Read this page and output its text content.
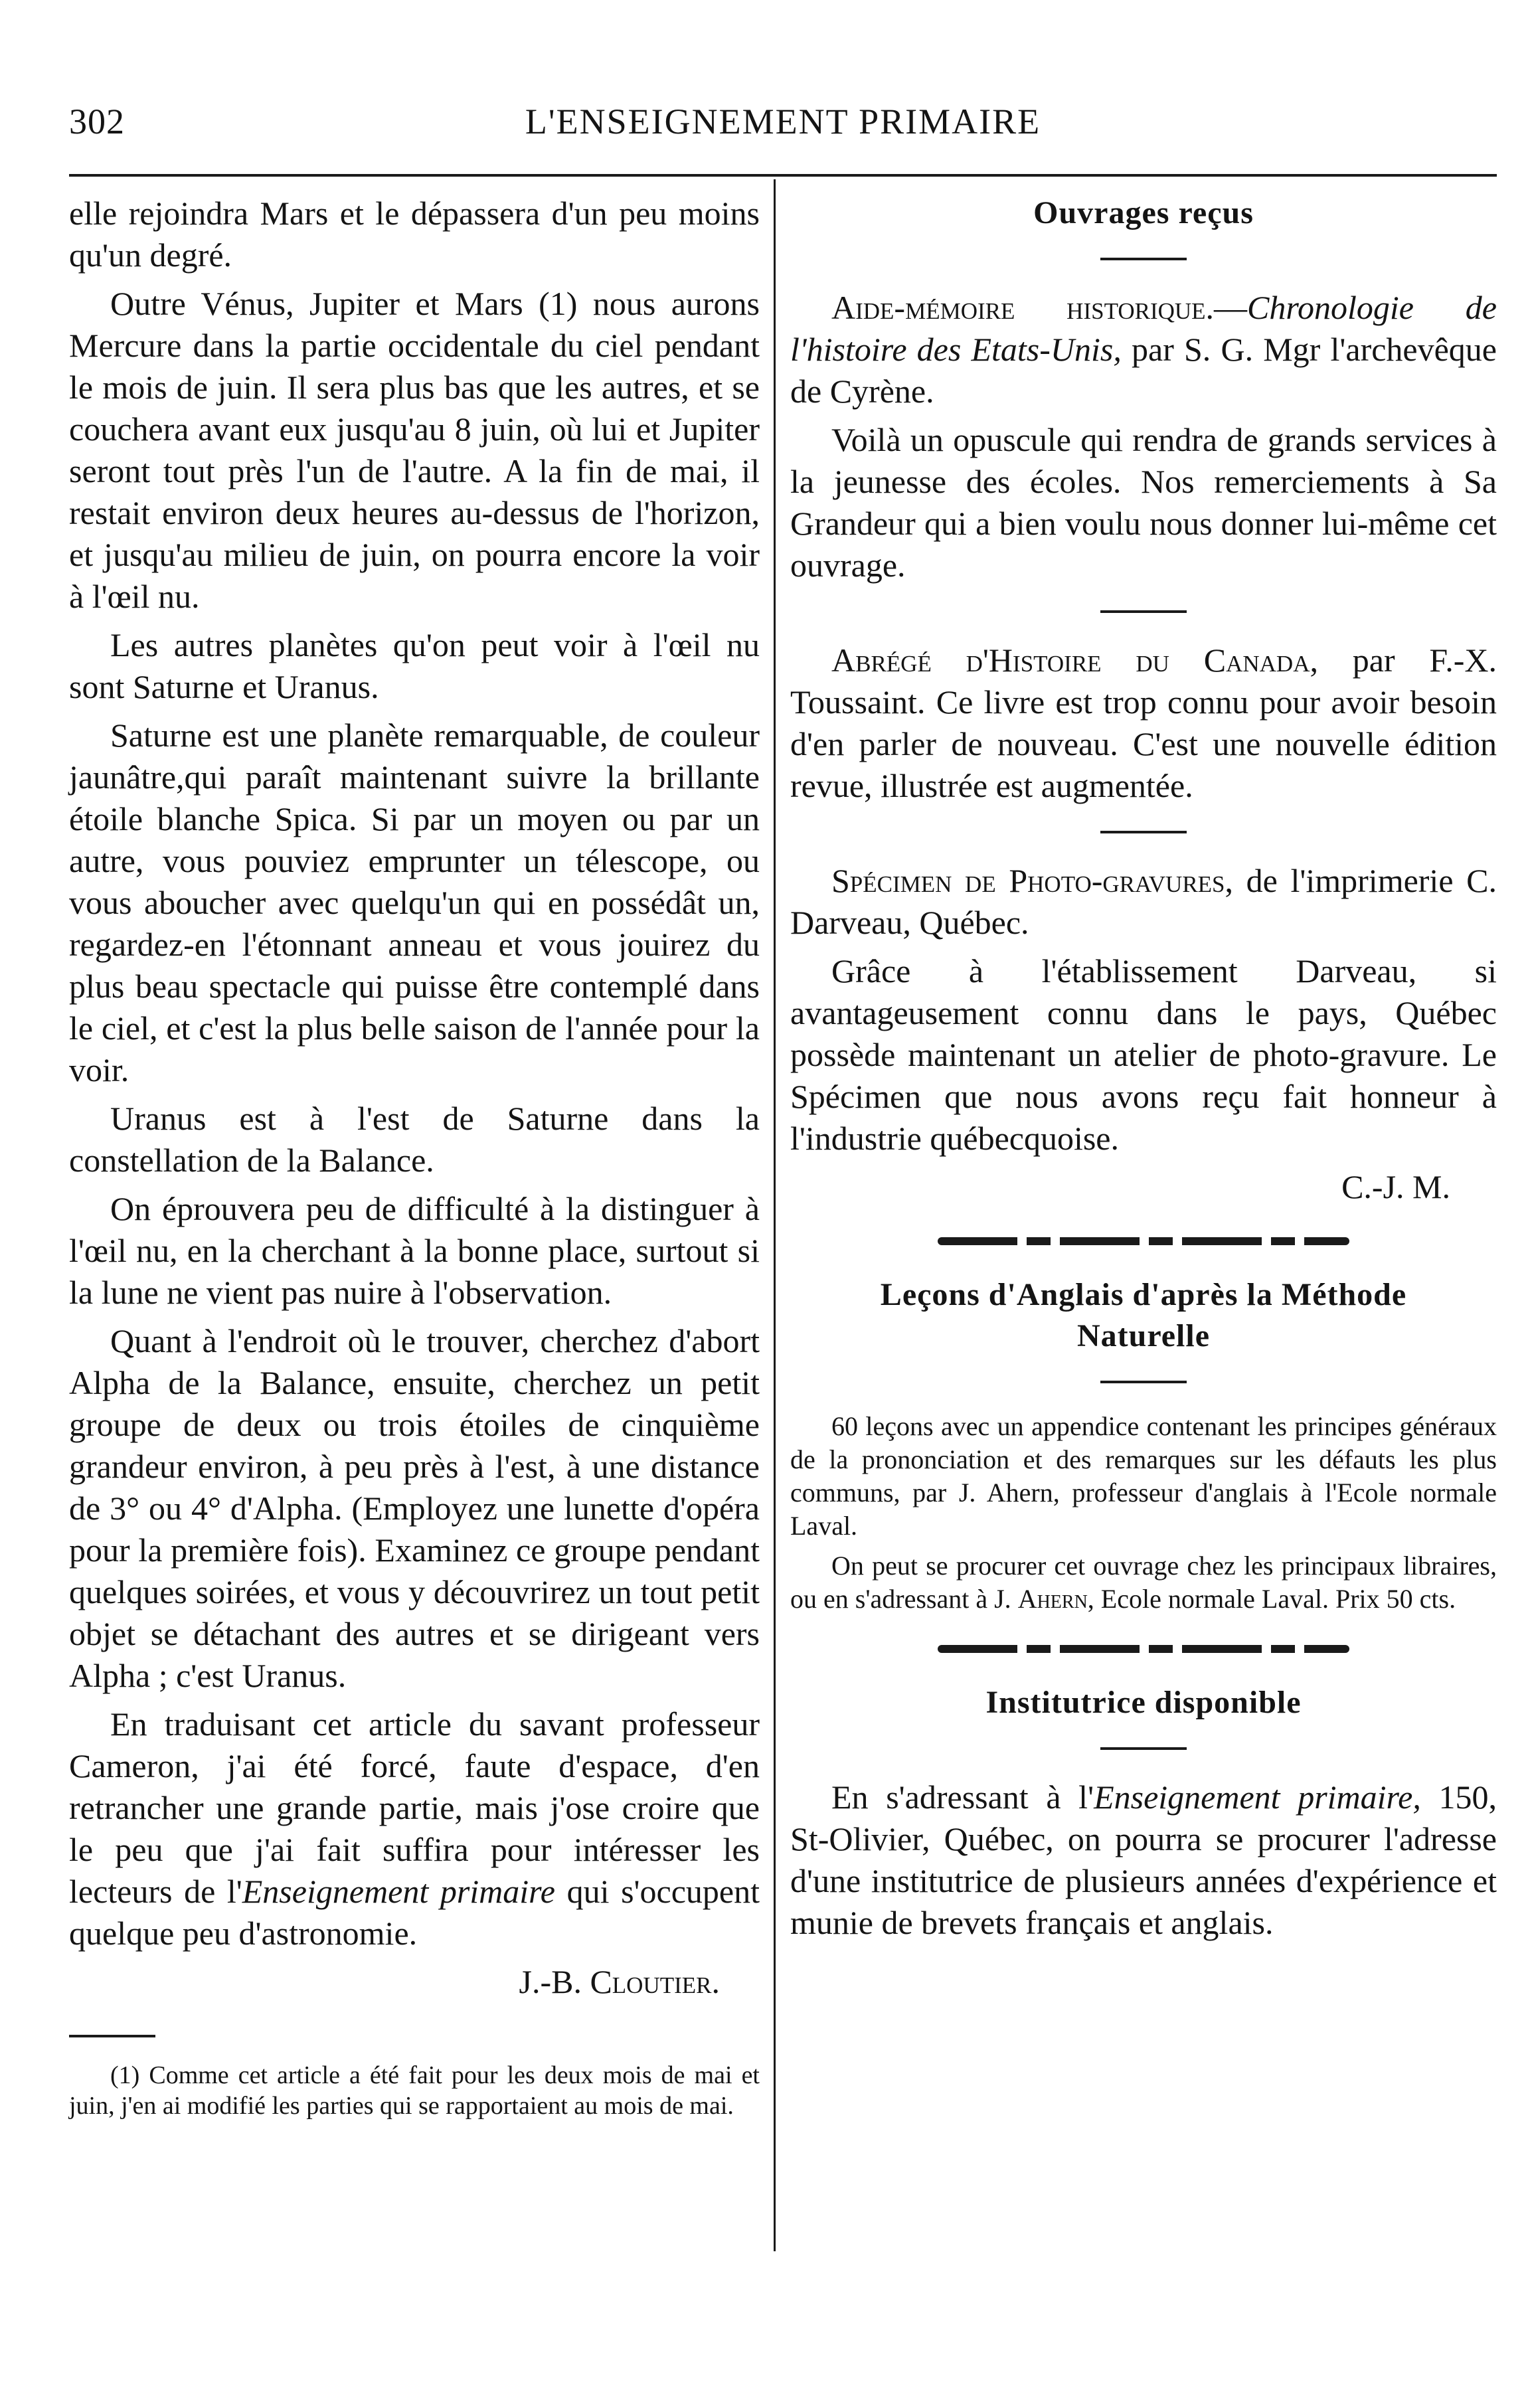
302	L'ENSEIGNEMENT PRIMAIRE

elle rejoindra Mars et le dépassera d'un peu moins qu'un degré.

Outre Vénus, Jupiter et Mars (1) nous aurons Mercure dans la partie occidentale du ciel pendant le mois de juin. Il sera plus bas que les autres, et se couchera avant eux jusqu'au 8 juin, où lui et Jupiter seront tout près l'un de l'autre. A la fin de mai, il restait environ deux heures au-dessus de l'horizon, et jusqu'au milieu de juin, on pourra encore la voir à l'œil nu.

Les autres planètes qu'on peut voir à l'œil nu sont Saturne et Uranus.

Saturne est une planète remarquable, de couleur jaunâtre,qui paraît maintenant suivre la brillante étoile blanche Spica. Si par un moyen ou par un autre, vous pouviez emprunter un télescope, ou vous aboucher avec quelqu'un qui en possédât un, regardez-en l'étonnant anneau et vous jouirez du plus beau spectacle qui puisse être contemplé dans le ciel, et c'est la plus belle saison de l'année pour la voir.

Uranus est à l'est de Saturne dans la constellation de la Balance.

On éprouvera peu de difficulté à la distinguer à l'œil nu, en la cherchant à la bonne place, surtout si la lune ne vient pas nuire à l'observation.

Quant à l'endroit où le trouver, cherchez d'abort Alpha de la Balance, ensuite, cherchez un petit groupe de deux ou trois étoiles de cinquième grandeur environ, à peu près à l'est, à une distance de 3° ou 4° d'Alpha. (Employez une lunette d'opéra pour la première fois). Examinez ce groupe pendant quelques soirées, et vous y découvrirez un tout petit objet se détachant des autres et se dirigeant vers Alpha ; c'est Uranus.

En traduisant cet article du savant professeur Cameron, j'ai été forcé, faute d'espace, d'en retrancher une grande partie, mais j'ose croire que le peu que j'ai fait suffira pour intéresser les lecteurs de l'Enseignement primaire qui s'occupent quelque peu d'astronomie.

J.-B. Cloutier.

(1) Comme cet article a été fait pour les deux mois de mai et juin, j'en ai modifié les parties qui se rapportaient au mois de mai.

Ouvrages reçus

Aide-mémoire historique.—Chronologie de l'histoire des Etats-Unis, par S. G. Mgr l'archevêque de Cyrène.

Voilà un opuscule qui rendra de grands services à la jeunesse des écoles. Nos remerciements à Sa Grandeur qui a bien voulu nous donner lui-même cet ouvrage.

Abrégé d'Histoire du Canada, par F.-X. Toussaint. Ce livre est trop connu pour avoir besoin d'en parler de nouveau. C'est une nouvelle édition revue, illustrée est augmentée.

Spécimen de Photo-gravures, de l'imprimerie C. Darveau, Québec.

Grâce à l'établissement Darveau, si avantageusement connu dans le pays, Québec possède maintenant un atelier de photo-gravure. Le Spécimen que nous avons reçu fait honneur à l'industrie québecquoise.

C.-J. M.

Leçons d'Anglais d'après la Méthode
Naturelle

60 leçons avec un appendice contenant les principes généraux de la prononciation et des remarques sur les défauts les plus communs, par J. Ahern, professeur d'anglais à l'Ecole normale Laval.

On peut se procurer cet ouvrage chez les principaux libraires, ou en s'adressant à J. Ahern, Ecole normale Laval. Prix 50 cts.

Institutrice disponible

En s'adressant à l'Enseignement primaire, 150, St-Olivier, Québec, on pourra se procurer l'adresse d'une institutrice de plusieurs années d'expérience et munie de brevets français et anglais.
